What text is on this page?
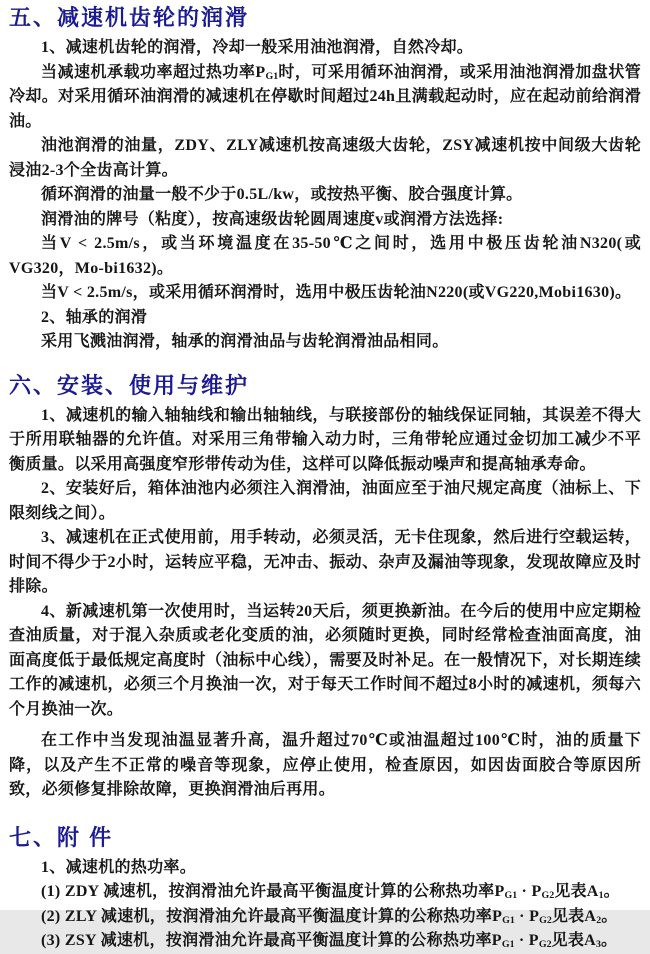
五、减速机齿轮的润滑

1、减速机齿轮的润滑，冷却一般采用油池润滑，自然冷却。

当减速机承载功率超过热功率$P_{G1}$时，可采用循环油润滑，或采用油池润滑加盘状管冷却。对采用循环油润滑的减速机在停歇时间超过24h且满载起动时，应在起动前给润滑油。

油池润滑的油量，ZDY、ZLY减速机按高速级大齿轮，ZSY减速机按中间级大齿轮浸油2-3个全齿高计算。

循环润滑的油量一般不少于0.5L/kw，或按热平衡、胶合强度计算。

润滑油的牌号（粘度），按高速级齿轮圆周速度v或润滑方法选择:

当V < 2.5m/s，或当环境温度在35-50℃之间时，选用中极压齿轮油N320(或VG320，Mo-bi1632)。

当V < 2.5m/s，或采用循环润滑时，选用中极压齿轮油N220(或VG220,Mobi1630)。

2、轴承的润滑

采用飞溅油润滑，轴承的润滑油品与齿轮润滑油品相同。

六、安装、使用与维护

1、减速机的输入轴轴线和输出轴轴线，与联接部份的轴线保证同轴，其误差不得大于所用联轴器的允许值。对采用三角带输入动力时，三角带轮应通过金切加工减少不平衡质量。以采用高强度窄形带传动为佳，这样可以降低振动噪声和提高轴承寿命。

2、安装好后，箱体油池内必须注入润滑油，油面应至于油尺规定高度（油标上、下限刻线之间）。

3、减速机在正式使用前，用手转动，必须灵活，无卡住现象，然后进行空载运转，时间不得少于2小时，运转应平稳，无冲击、振动、杂声及漏油等现象，发现故障应及时排除。

4、新减速机第一次使用时，当运转20天后，须更换新油。在今后的使用中应定期检查油质量，对于混入杂质或老化变质的油，必须随时更换，同时经常检查油面高度，油面高度低于最低规定高度时（油标中心线），需要及时补足。在一般情况下，对长期连续工作的减速机，必须三个月换油一次，对于每天工作时间不超过8小时的减速机，须每六个月换油一次。

在工作中当发现油温显著升高，温升超过70℃或油温超过100℃时，油的质量下降，以及产生不正常的噪音等现象，应停止使用，检查原因，如因齿面胶合等原因所致，必须修复排除故障，更换润滑油后再用。

七、附 件

1、减速机的热功率。

(1) ZDY 减速机，按润滑油允许最高平衡温度计算的公称热功率$P_{G1} \cdot P_{G2}$见表$A_1$。

(2) ZLY 减速机，按润滑油允许最高平衡温度计算的公称热功率$P_{G1} \cdot P_{G2}$见表$A_2$。

(3) ZSY 减速机，按润滑油允许最高平衡温度计算的公称热功率$P_{G1} \cdot P_{G2}$见表$A_3$。
